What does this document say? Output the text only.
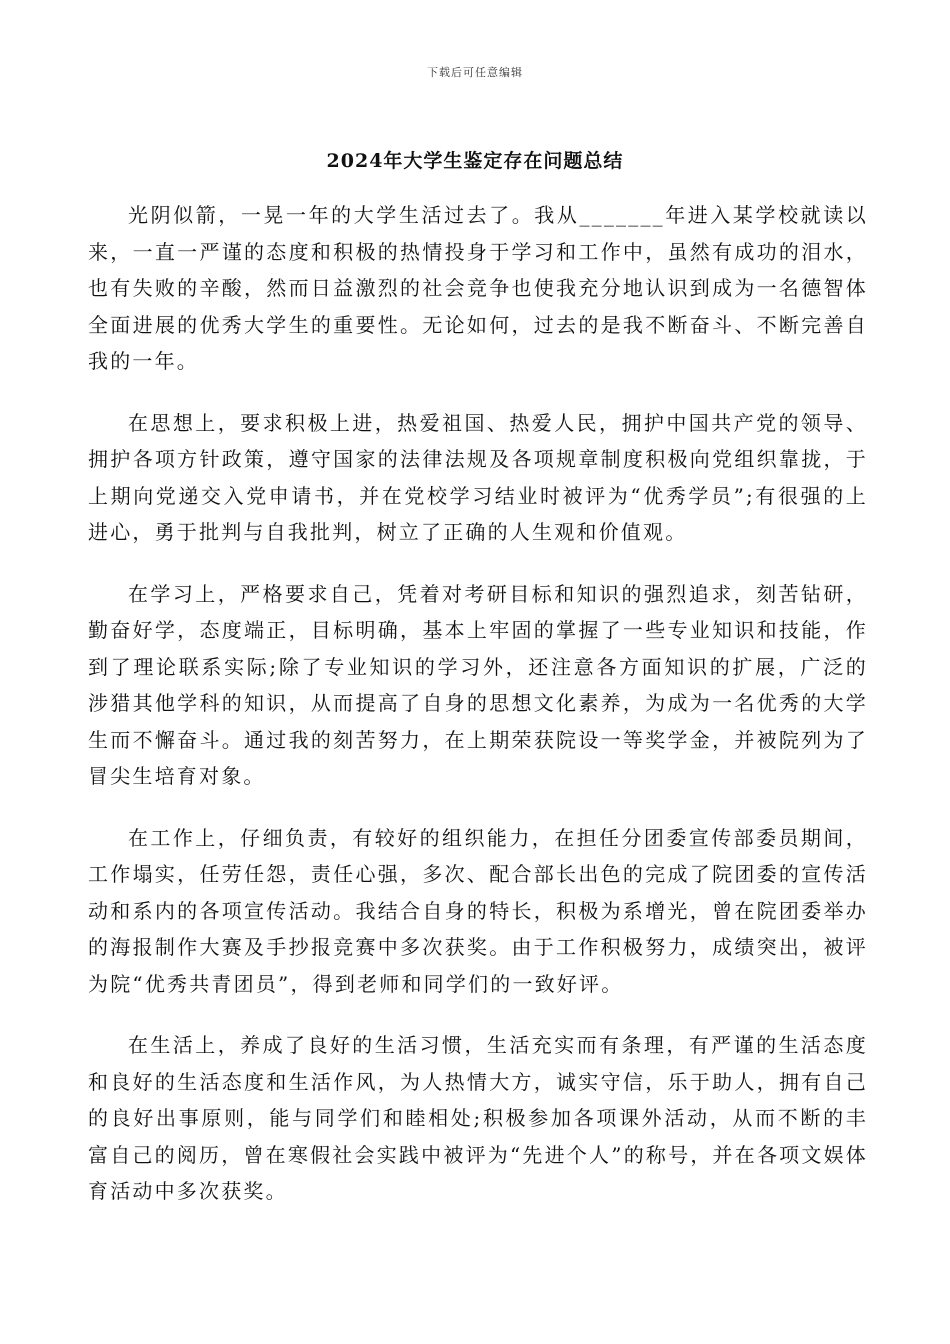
下载后可任意编辑
2024年大学生鉴定存在问题总结

光阴似箭，一晃一年的大学生活过去了。我从_______年进入某学校就读以来，一直一严谨的态度和积极的热情投身于学习和工作中，虽然有成功的泪水，也有失败的辛酸，然而日益激烈的社会竞争也使我充分地认识到成为一名德智体全面进展的优秀大学生的重要性。无论如何，过去的是我不断奋斗、不断完善自我的一年。

在思想上，要求积极上进，热爱祖国、热爱人民，拥护中国共产党的领导、拥护各项方针政策，遵守国家的法律法规及各项规章制度积极向党组织靠拢，于上期向党递交入党申请书，并在党校学习结业时被评为“优秀学员”;有很强的上进心，勇于批判与自我批判，树立了正确的人生观和价值观。

在学习上，严格要求自己，凭着对考研目标和知识的强烈追求，刻苦钻研，勤奋好学，态度端正，目标明确，基本上牢固的掌握了一些专业知识和技能，作到了理论联系实际;除了专业知识的学习外，还注意各方面知识的扩展，广泛的涉猎其他学科的知识，从而提高了自身的思想文化素养，为成为一名优秀的大学生而不懈奋斗。通过我的刻苦努力，在上期荣获院设一等奖学金，并被院列为了冒尖生培育对象。

在工作上，仔细负责，有较好的组织能力，在担任分团委宣传部委员期间，工作塌实，任劳任怨，责任心强，多次、配合部长出色的完成了院团委的宣传活动和系内的各项宣传活动。我结合自身的特长，积极为系增光，曾在院团委举办的海报制作大赛及手抄报竞赛中多次获奖。由于工作积极努力，成绩突出，被评为院“优秀共青团员”，得到老师和同学们的一致好评。

在生活上，养成了良好的生活习惯，生活充实而有条理，有严谨的生活态度和良好的生活态度和生活作风，为人热情大方，诚实守信，乐于助人，拥有自己的良好出事原则，能与同学们和睦相处;积极参加各项课外活动，从而不断的丰富自己的阅历，曾在寒假社会实践中被评为“先进个人”的称号，并在各项文娱体育活动中多次获奖。
